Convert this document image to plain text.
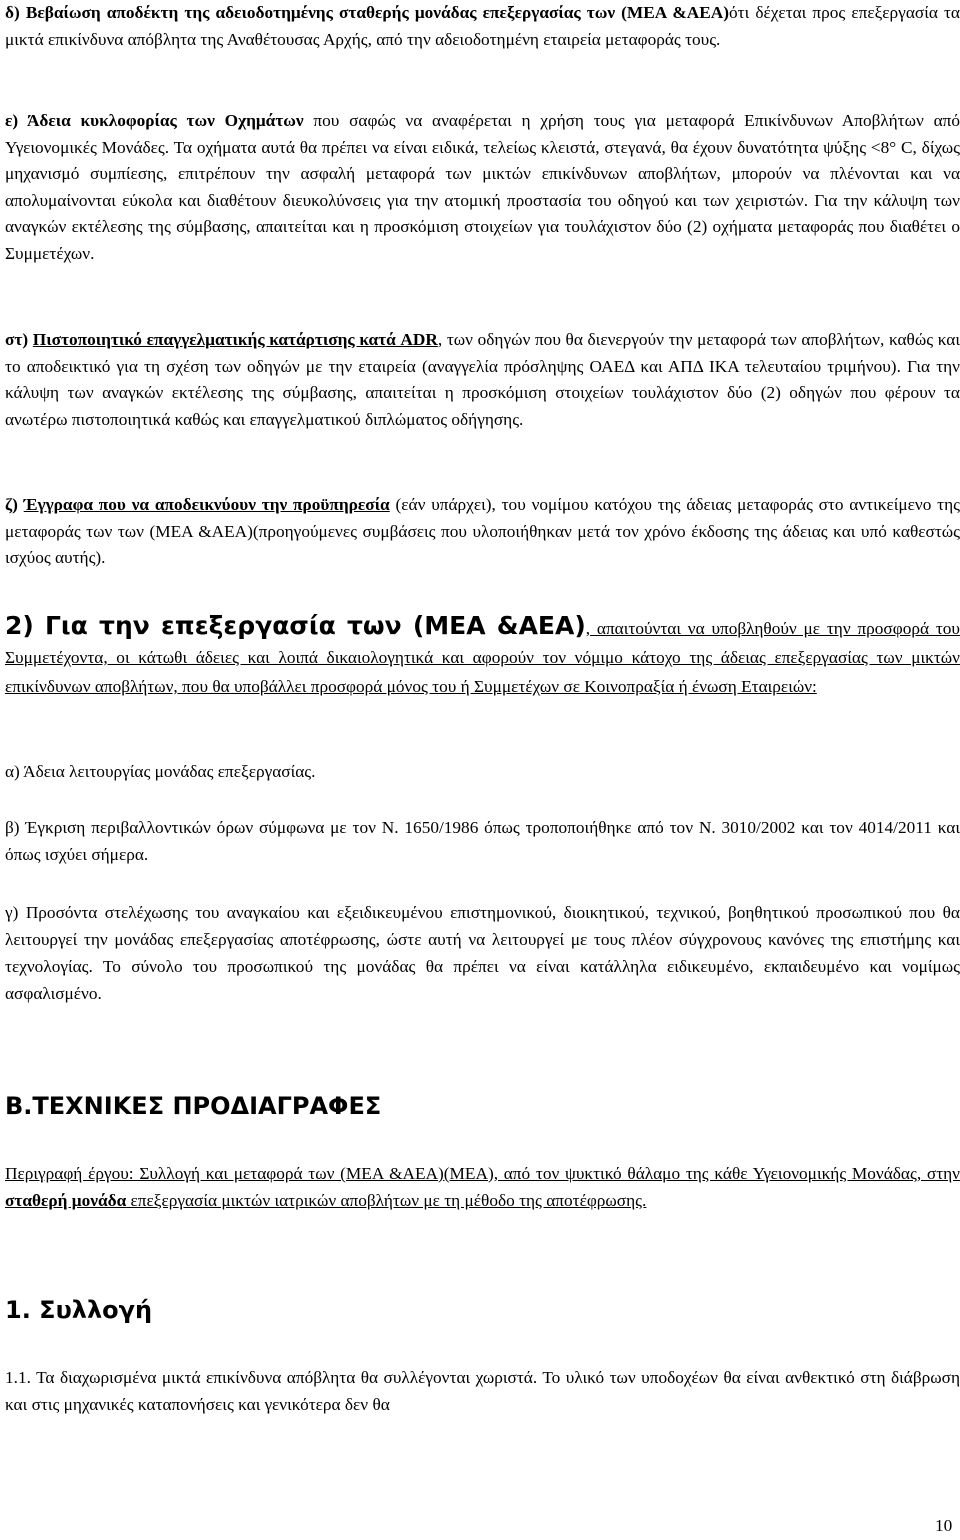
δ) Βεβαίωση αποδέκτη της αδειοδοτημένης σταθερής μονάδας επεξεργασίας των (ΜΕΑ &ΑΕΑ)ότι δέχεται προς επεξεργασία τα μικτά επικίνδυνα απόβλητα της Αναθέτουσας Αρχής, από την αδειοδοτημένη εταιρεία μεταφοράς τους.

ε) Άδεια κυκλοφορίας των Οχημάτων που σαφώς να αναφέρεται η χρήση τους για μεταφορά Επικίνδυνων Αποβλήτων από Υγειονομικές Μονάδες. Τα οχήματα αυτά θα πρέπει να είναι ειδικά, τελείως κλειστά, στεγανά, θα έχουν δυνατότητα ψύξης <8° C, δίχως μηχανισμό συμπίεσης, επιτρέπουν την ασφαλή μεταφορά των μικτών επικίνδυνων αποβλήτων, μπορούν να πλένονται και να απολυμαίνονται εύκολα και διαθέτουν διευκολύνσεις για την ατομική προστασία του οδηγού και των χειριστών. Για την κάλυψη των αναγκών εκτέλεσης της σύμβασης, απαιτείται και η προσκόμιση στοιχείων για τουλάχιστον δύο (2) οχήματα μεταφοράς που διαθέτει ο Συμμετέχων.

στ) Πιστοποιητικό επαγγελματικής κατάρτισης κατά ADR, των οδηγών που θα διενεργούν την μεταφορά των αποβλήτων, καθώς και το αποδεικτικό για τη σχέση των οδηγών με την εταιρεία (αναγγελία πρόσληψης ΟΑΕΔ και ΑΠΔ ΙΚΑ τελευταίου τριμήνου). Για την κάλυψη των αναγκών εκτέλεσης της σύμβασης, απαιτείται η προσκόμιση στοιχείων τουλάχιστον δύο (2) οδηγών που φέρουν τα ανωτέρω πιστοποιητικά καθώς και επαγγελματικού διπλώματος οδήγησης.

ζ) Έγγραφα που να αποδεικνύουν την προϋπηρεσία (εάν υπάρχει), του νομίμου κατόχου της άδειας μεταφοράς στο αντικείμενο της μεταφοράς των των (ΜΕΑ &ΑΕΑ)(προηγούμενες συμβάσεις που υλοποιήθηκαν μετά τον χρόνο έκδοσης της άδειας και υπό καθεστώς ισχύος αυτής).

2) Για την επεξεργασία των (ΜΕΑ &ΑΕΑ), απαιτούνται να υποβληθούν με την προσφορά του Συμμετέχοντα, οι κάτωθι άδειες και λοιπά δικαιολογητικά και αφορούν τον νόμιμο κάτοχο της άδειας επεξεργασίας των μικτών επικίνδυνων αποβλήτων, που θα υποβάλλει προσφορά μόνος του ή Συμμετέχων σε Κοινοπραξία ή ένωση Εταιρειών:

α) Άδεια λειτουργίας μονάδας επεξεργασίας.

β) Έγκριση περιβαλλοντικών όρων σύμφωνα με τον Ν. 1650/1986 όπως τροποποιήθηκε από τον Ν. 3010/2002 και τον 4014/2011 και όπως ισχύει σήμερα.

γ) Προσόντα στελέχωσης του αναγκαίου και εξειδικευμένου επιστημονικού, διοικητικού, τεχνικού, βοηθητικού προσωπικού που θα λειτουργεί την μονάδας επεξεργασίας αποτέφρωσης, ώστε αυτή να λειτουργεί με τους πλέον σύγχρονους κανόνες της επιστήμης και τεχνολογίας. Το σύνολο του προσωπικού της μονάδας θα πρέπει να είναι κατάλληλα ειδικευμένο, εκπαιδευμένο και νομίμως ασφαλισμένο.

Β.ΤΕΧΝΙΚΕΣ ΠΡΟΔΙΑΓΡΑΦΕΣ

Περιγραφή έργου: Συλλογή και μεταφορά των (ΜΕΑ &ΑΕΑ)(ΜΕΑ), από τον ψυκτικό θάλαμο της κάθε Υγειονομικής Μονάδας, στην σταθερή μονάδα επεξεργασία μικτών ιατρικών αποβλήτων με τη μέθοδο της αποτέφρωσης.

1. Συλλογή

1.1. Τα διαχωρισμένα μικτά επικίνδυνα απόβλητα θα συλλέγονται χωριστά. Το υλικό των υποδοχέων θα είναι ανθεκτικό στη διάβρωση και στις μηχανικές καταπονήσεις και γενικότερα δεν θα

10
